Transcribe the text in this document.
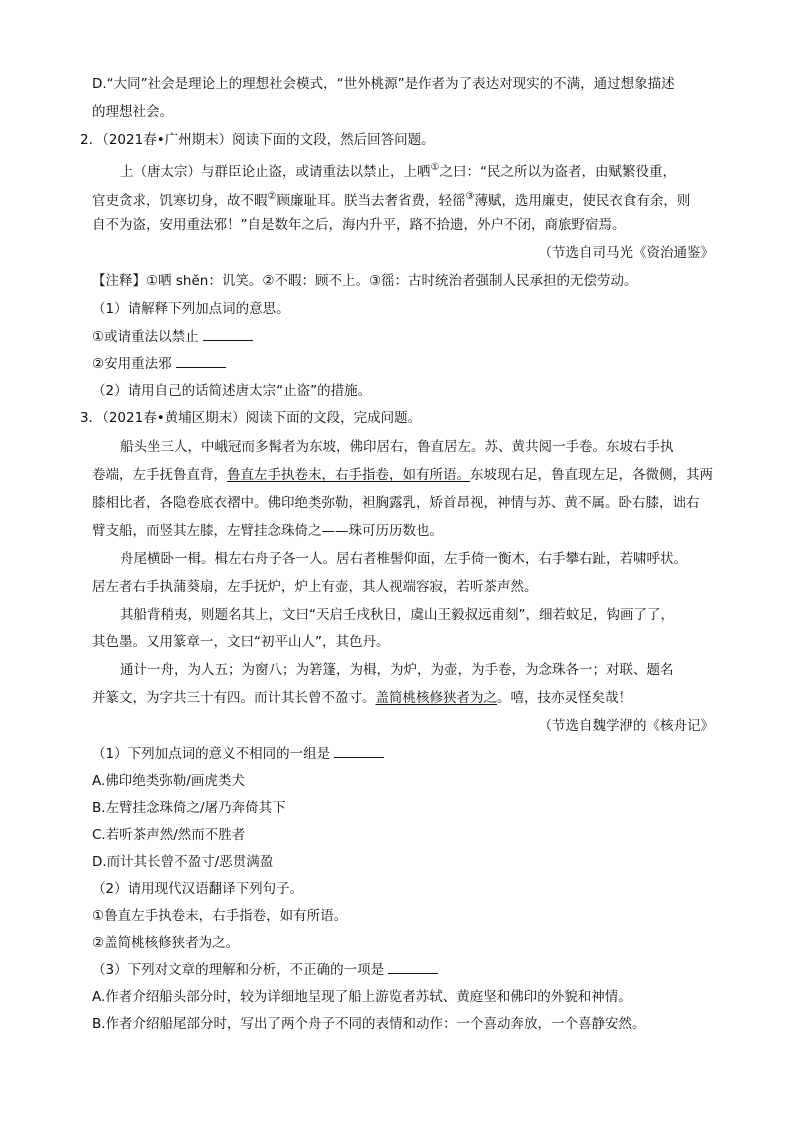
D.“大同”社会是理论上的理想社会模式，“世外桃源”是作者为了表达对现实的不满，通过想象描述
的理想社会。
2．（2021春•广州期末）阅读下面的文段，然后回答问题。
上（唐太宗）与群臣论止盗，或请重法以禁止，上哂①之曰：“民之所以为盗者，由赋繁役重，
官吏贪求，饥寒切身，故不暇②顾廉耻耳。朕当去奢省费，轻徭③薄赋，选用廉吏，使民衣食有余，则
自不为盗，安用重法邪！”自是数年之后，海内升平，路不拾遗，外户不闭，商旅野宿焉。
（节选自司马光《资治通鉴》
【注释】①哂 shěn：讥笑。②不暇：顾不上。③徭：古时统治者强制人民承担的无偿劳动。
（1）请解释下列加点词的意思。
①或请重法以禁止
②安用重法邪
（2）请用自己的话简述唐太宗“止盗”的措施。
3．（2021春•黄埔区期末）阅读下面的文段，完成问题。
船头坐三人，中峨冠而多髯者为东坡，佛印居右，鲁直居左。苏、黄共阅一手卷。东坡右手执
卷端，左手抚鲁直背，鲁直左手执卷末，右手指卷，如有所语。东坡现右足，鲁直现左足，各微侧，其两
膝相比者，各隐卷底衣褶中。佛印绝类弥勒，袒胸露乳，矫首昂视，神情与苏、黄不属。卧右膝，诎右
臂支船，而竖其左膝，左臂挂念珠倚之——珠可历历数也。
舟尾横卧一楫。楫左右舟子各一人。居右者椎髻仰面，左手倚一衡木，右手攀右趾，若啸呼状。
居左者右手执蒲葵扇，左手抚炉，炉上有壶，其人视端容寂，若听茶声然。
其船背稍夷，则题名其上，文曰“天启壬戌秋日，虞山王毅叔远甫刻”，细若蚊足，钩画了了，
其色墨。又用篆章一，文曰“初平山人”，其色丹。
通计一舟，为人五；为窗八；为箬篷，为楫，为炉，为壶，为手卷，为念珠各一；对联、题名
并篆文，为字共三十有四。而计其长曾不盈寸。盖简桃核修狭者为之。嘻，技亦灵怪矣哉！
（节选自魏学洢的《核舟记》
（1）下列加点词的意义不相同的一组是
A.佛印绝类弥勒/画虎类犬
B.左臂挂念珠倚之/屠乃奔倚其下
C.若听茶声然/然而不胜者
D.而计其长曾不盈寸/恶贯满盈
（2）请用现代汉语翻译下列句子。
①鲁直左手执卷末，右手指卷，如有所语。
②盖简桃核修狭者为之。
（3）下列对文章的理解和分析，不正确的一项是
A.作者介绍船头部分时，较为详细地呈现了船上游览者苏轼、黄庭坚和佛印的外貌和神情。
B.作者介绍船尾部分时，写出了两个舟子不同的表情和动作：一个喜动奔放，一个喜静安然。
